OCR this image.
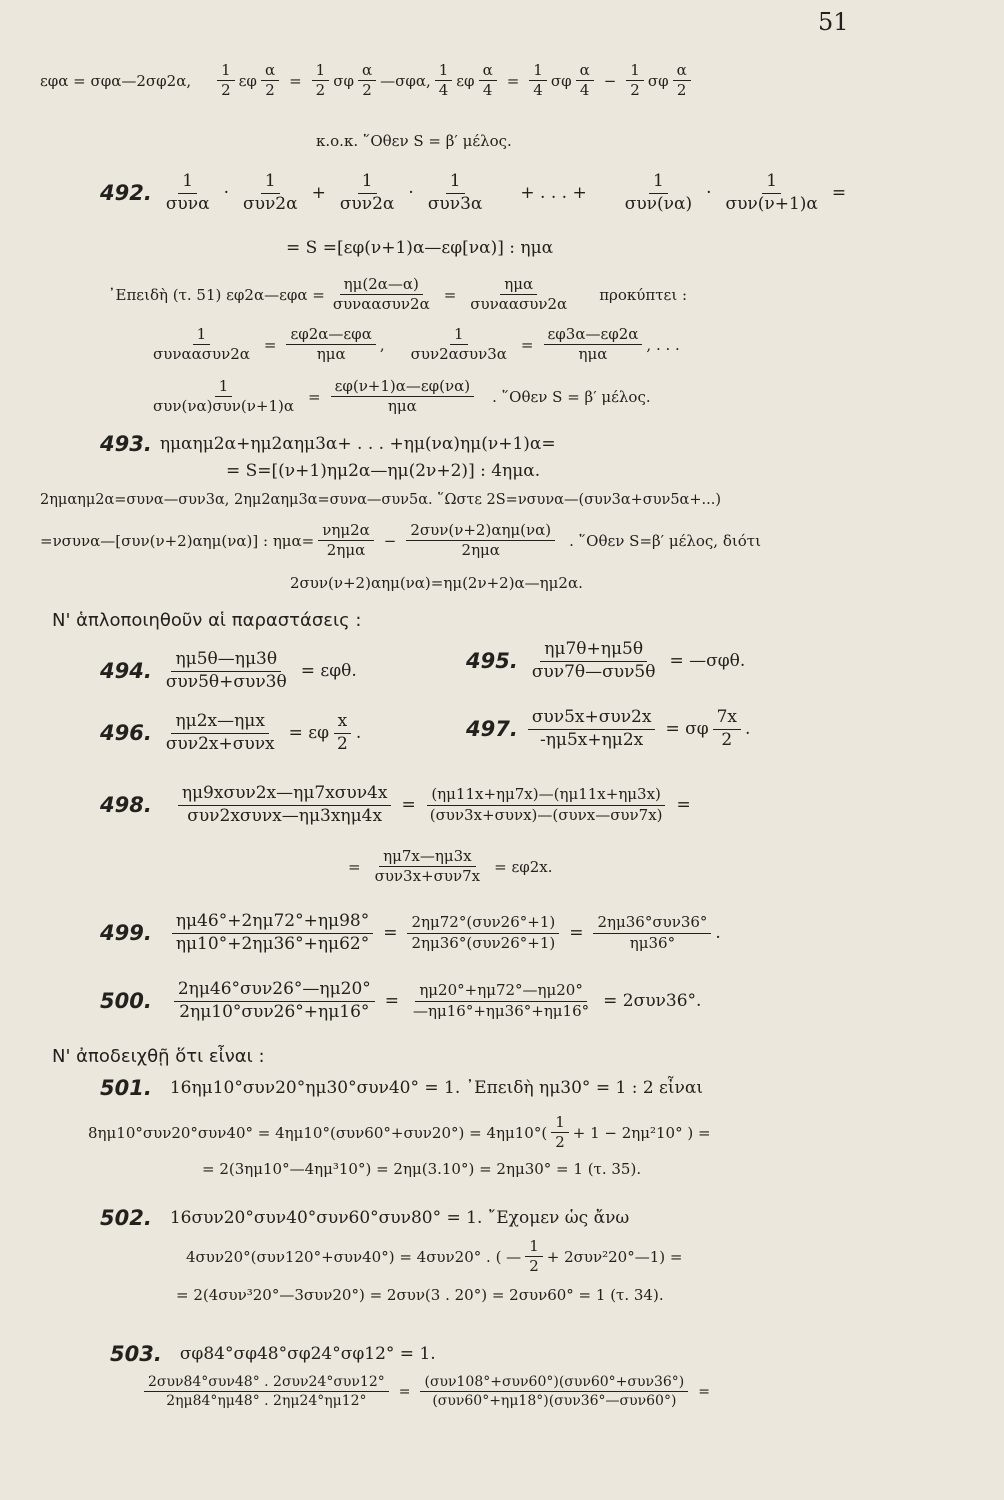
51
εφα = σφα—2σφ2α,
1
2
εφ $\frac{\alpha}{2} = \frac{1}{2}$ σφ
α
2
—σφα,
1
4
εφ $\frac{\alpha}{4} = \frac{1}{4}$ σφ
α
4
− $\frac{1}{2}$ σφ
α
2
κ.ο.κ. ῞Οθεν S = β′ μέλος.
492.
1
συνα
·
1
συν2α
+
1
συν2α
·
1
συν3α
+ . . . +
1
συν(να)
·
1
συν(ν+1)α
=
= S =[εφ(ν+1)α—εφ[να)] : ημα
᾿Επειδὴ (τ. 51) εφ2α—εφα =
ημ(2α—α)
συναασυν2α
=
ημα
συναασυν2α
προκύπτει :
1
συναασυν2α
=
εφ2α—εφα
ημα
,
1
συν2ασυν3α
=
εφ3α—εφ2α
ημα
, . . .
1
συν(να)συν(ν+1)α
=
εφ(ν+1)α—εφ(να)
ημα
. ῞Οθεν S = β′ μέλος.
493. ημαημ2α+ημ2αημ3α+ . . . +ημ(να)ημ(ν+1)α=
= S=[(ν+1)ημ2α—ημ(2ν+2)] : 4ημα.
2ημαημ2α=συνα—συν3α, 2ημ2αημ3α=συνα—συν5α. ῞Ωστε 2S=νσυνα—(συν3α+συν5α+...)
=νσυνα—[συν(ν+2)αημ(να)] : ημα=
νημ2α
2ημα
−
2συν(ν+2)αημ(να)
2ημα
. ῞Οθεν S=β′ μέλος, διότι
2συν(ν+2)αημ(να)=ημ(2ν+2)α—ημ2α.
Ν' ἁπλοποιηθοῦν αἱ παραστάσεις :
494.
ημ5θ—ημ3θ
συν5θ+συν3θ
= εφθ.	495.
ημ7θ+ημ5θ
συν7θ—συν5θ
= —σφθ.
496.
ημ2x—ημx
συν2x+συνx
= εφ
x
2
.	497.
συν5x+συν2x
-ημ5x+ημ2x
= σφ
7x
2
.
498.
ημ9xσυν2x—ημ7xσυν4x
συν2xσυνx—ημ3xημ4x
=
(ημ11x+ημ7x)—(ημ11x+ημ3x)
(συν3x+συνx)—(συνx—συν7x) =
=
ημ7x—ημ3x
συν3x+συν7x
= εφ2x.
499. $\frac{\eta\mu 46^\circ+2\eta\mu 72^\circ+\eta\mu 98^\circ}{\eta\mu 10^\circ+2\eta\mu 36^\circ+\eta\mu 62^\circ}$ =
2ημ72°(συν26°+1)
2ημ36°(συν26°+1) =
2ημ36°συν36°
ημ36° .
500.
2ημ46°συν26°—ημ20°
2ημ10°συν26°+ημ16°
= $\frac{\eta\mu 20^\circ+\eta\mu 72^\circ—\eta\mu 20^\circ}{—\eta\mu 16^\circ+\eta\mu 36^\circ+\eta\mu 16^\circ} = 2\sigma\upsilon\nu 36^\circ$.
Ν' ἀποδειχθῇ ὅτι εἶναι :
501. 16ημ10°συν20°ημ30°συν40° = 1. ᾿Επειδὴ ημ30° = 1 : 2 εἶναι
8ημ10°συν20°συν40° = 4ημ10°(συν60°+συν20°) = 4ημ10°(
1
2
+ 1 − 2ημ²10° ) =
= 2(3ημ10°—4ημ³10°) = 2ημ(3.10°) = 2ημ30° = 1 (τ. 35).
502. 16συν20°συν40°συν60°συν80° = 1. ῎Εχομεν ὡς ἄνω
4συν20°(συν120°+συν40°) = 4συν20° . ( —
1
2
+ 2συν²20°—1) =
= 2(4συν³20°—3συν20°) = 2συν(3 . 20°) = 2συν60° = 1 (τ. 34).
503. σφ84°σφ48°σφ24°σφ12° = 1.
2συν84°συν48° . 2συν24°συν12°
2ημ84°ημ48° . 2ημ24°ημ12°
=
(συν108°+συν60°)(συν60°+συν36°)
(συν60°+ημ18°)(συν36°—συν60°)
=
